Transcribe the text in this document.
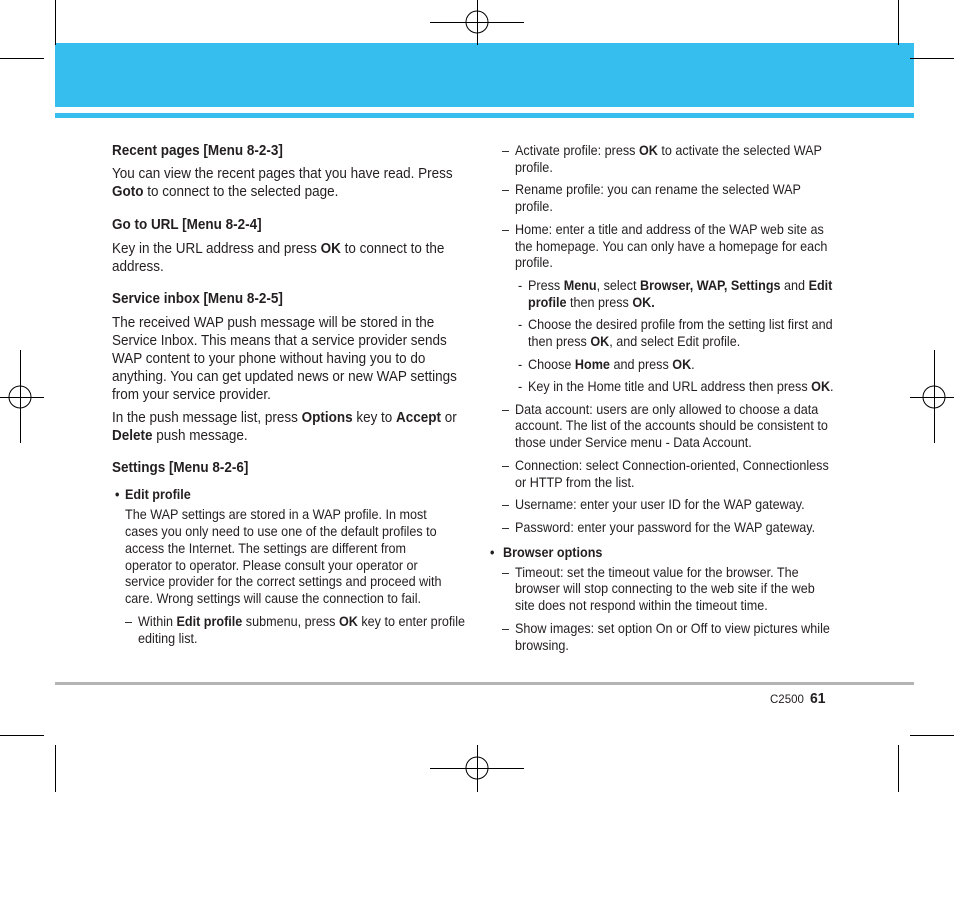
Recent pages [Menu 8-2-3]
You can view the recent pages that you have read. Press
Goto to connect to the selected page.
Go to URL [Menu 8-2-4]
Key in the URL address and press OK to connect to the
address.
Service inbox [Menu 8-2-5]
The received WAP push message will be stored in the
Service Inbox. This means that a service provider sends
WAP content to your phone without having you to do
anything. You can get updated news or new WAP settings
from your service provider.
In the push message list, press Options key to Accept or
Delete push message.
Settings [Menu 8-2-6]
• Edit profile
The WAP settings are stored in a WAP profile. In most
cases you only need to use one of the default profiles to
access the Internet. The settings are different from
operator to operator. Please consult your operator or
service provider for the correct settings and proceed with
care. Wrong settings will cause the connection to fail.
– Within Edit profile submenu, press OK key to enter profile
editing list.
– Activate profile: press OK to activate the selected WAP
profile.
– Rename profile: you can rename the selected WAP
profile.
– Home: enter a title and address of the WAP web site as
the homepage. You can only have a homepage for each
profile.
- Press Menu, select Browser, WAP, Settings and Edit
profile then press OK.
- Choose the desired profile from the setting list first and
then press OK, and select Edit profile.
- Choose Home and press OK.
- Key in the Home title and URL address then press OK.
– Data account: users are only allowed to choose a data
account. The list of the accounts should be consistent to
those under Service menu - Data Account.
– Connection: select Connection-oriented, Connectionless
or HTTP from the list.
– Username: enter your user ID for the WAP gateway.
– Password: enter your password for the WAP gateway.
• Browser options
– Timeout: set the timeout value for the browser. The
browser will stop connecting to the web site if the web
site does not respond within the timeout time.
– Show images: set option On or Off to view pictures while
browsing.
C2500 61
